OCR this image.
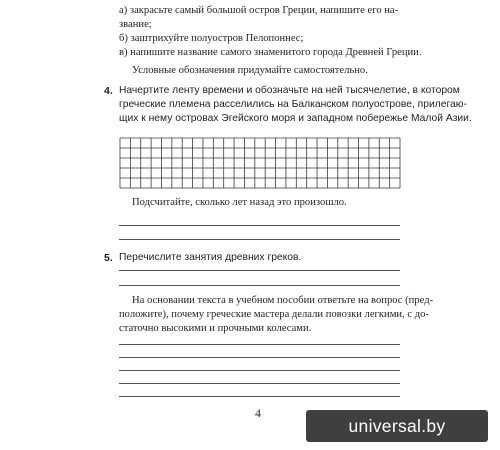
а) закрасьте самый большой остров Греции, напишите его на-
звание;
б) заштрихуйте полуостров Пелопоннес;
в) напишите название самого знаменитого города Древней Греции.
Условные обозначения придумайте самостоятельно.
4. Начертите ленту времени и обозначьте на ней тысячелетие, в котором
греческие племена расселились на Балканском полуострове, прилегаю-
щих к нему островах Эгейского моря и западном побережье Малой Азии.
Подсчитайте, сколько лет назад это произошло.
5. Перечислите занятия древних греков.
На основании текста в учебном пособии ответьте на вопрос (пред-
положите), почему греческие мастера делали повозки легкими, с до-
статочно высокими и прочными колесами.
4
universal.by
